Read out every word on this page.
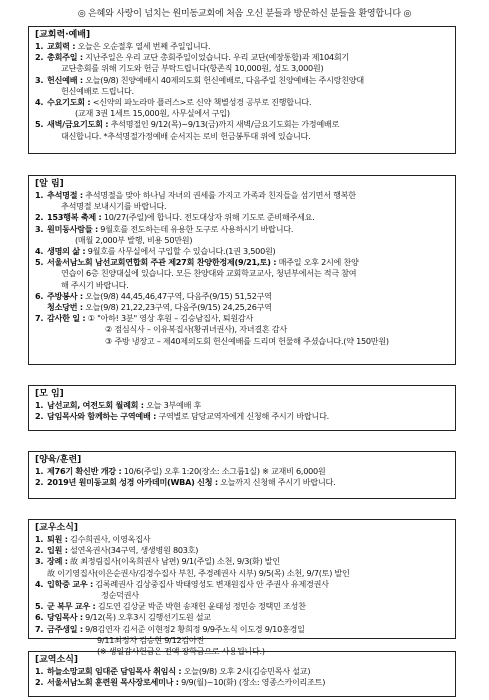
◎ 은혜와 사랑이 넘치는 원미동교회에 처음 오신 분들과 방문하신 분들을 환영합니다 ◎
[교회력·예배]
1. 교회력 : 오늘은 오순절후 열세 번째 주일입니다.
2. 총회주일 : 지난주일은 우리 교단 총회주일이었습니다. 우리 교단(예장통합)과 제104회기
교단총회를 위해 기도와 헌금 부탁드립니다(항존직 10,000원, 성도 3,000원)
3. 헌신예배 : 오늘(9/8) 친양예배시 40제의도회 헌신예배로, 다음주일 친양예배는 주시랑친양대
헌신예배로 드립니다.
4. 수요기도회 : <신약의 파노라마 플러스>로 신약 책별성경 공부로 진행합니다.
(교재 3권 1세트 15,000원, 사무실에서 구입)
5. 새벽/금요기도회 : 추석명절인 9/12(목)~9/13(금)까지 새벽/금요기도회는 가정예배로
대신합니다. *추석명절가정예배 순서지는 로비 헌금봉투대 위에 있습니다.
[알 림]
1. 추석명절 : 추석명절을 맞아 하나님 자녀의 권세를 가지고 가족과 친지들을 섬기면서 행복한
추석명절 보내시기를 바랍니다.
2. 153행복 축제 : 10/27(주일)에 합니다. 전도대상자 위해 기도로 준비해주세요.
3. 원미동사람들 : 9월호를 전도하는데 유용한 도구로 사용하시기 바랍니다.
(매월 2,000부 발행, 비용 50만원)
4. 생명의 삶 : 9월호를 사무실에서 구입할 수 있습니다.(1권 3,500원)
5. 서울서남노회 남선교회연합회 주관 제27회 찬양한정제(9/21,토) : 매주일 오후 2시에 찬양
연습이 6층 친양대실에 있습니다. 모든 찬양대와 교회학교교사, 청년부에서는 적극 참여
해 주시기 바랍니다.
6. 주방봉사 : 오늘(9/8) 44,45,46,47구역, 다음주(9/15) 51,52구역
청소당번 : 오늘(9/8) 21,22,23구역, 다음주(9/15) 24,25,26구역
7. 감사한 일 : ① "아하! 3분" 영상 후원 – 김승남집사, 퇴원감사
② 점심식사 – 이유복집사(황귀녀권사), 자녀결혼 감사
③ 주방 냉장고 – 제40제의도회 헌신예배를 드리며 헌물해 주셨습니다.(약 150만원)
[모 임]
1. 남선교회, 여전도회 월례회 : 오늘 3부예배 후
2. 담임목사와 함께하는 구역예배 : 구역별로 담당교역자에게 신청해 주시기 바랍니다.
[양육/훈련]
1. 제76기 확신반 개강 : 10/6(주일) 오후 1:20(장소: 소그룹1실) ※ 교재비 6,000원
2. 2019년 원미동교회 성경 아카데미(WBA) 신청 : 오늘까지 신청해 주시기 바랍니다.
[교우소식]
1. 퇴원 : 김수희권사, 이영옥집사
2. 입원 : 설연옥권사(34구역, 생생병원 803호)
3. 장례 : 故 최정림집사(이옥희권사 남편) 9/1(주일) 소천, 9/3(화) 발인
故 이기영집사(이은순권사/김경수집사 부친, 주경례권사 시부) 9/5(목) 소천, 9/7(토) 발인
4. 입학중 교우 : 김록례권사 김상중집사 박태영성도 변재원집사 안 주권사 유제경권사
정순덕권사
5. 군 복무 교우 : 김도연 김상균 박준 박현 송재헌 윤태성 정민승 정택민 조성찬
6. 당임목사 : 9/12(목) 오후3시 김행선기도원 설교
7. 금주생일 : 9/8김연자 김서준 이현정2 황희정 9/9주노식 이도경 9/10홍경일
9/11최정자 김승현 9/12김아진
(※ 생일감사헌금은 전액 장학금으로 사용됩니다.)
[교역소식]
1. 하늘소망교회 임대준 담임목사 취임식 : 오늘(9/8) 오후 2시(김승민목사 설교)
2. 서울서남노회 훈련원 목사장로세미나 : 9/9(월)~10(화) (장소: 영종스카이리조트)
